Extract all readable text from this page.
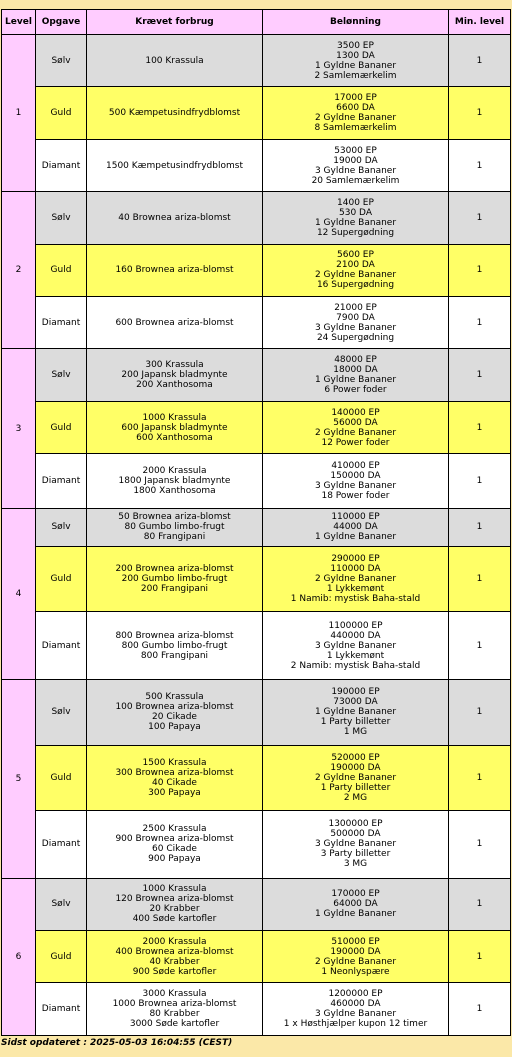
Level	Opgave	Krævet forbrug	Belønning	Min. level
1	Sølv	100 Krassula	3500 EP
1300 DA
1 Gyldne Bananer
2 Samlemærkelim	1
	Guld	500 Kæmpetusindfrydblomst	17000 EP
6600 DA
2 Gyldne Bananer
8 Samlemærkelim	1
	Diamant	1500 Kæmpetusindfrydblomst	53000 EP
19000 DA
3 Gyldne Bananer
20 Samlemærkelim	1
2	Sølv	40 Brownea ariza-blomst	1400 EP
530 DA
1 Gyldne Bananer
12 Supergødning	1
	Guld	160 Brownea ariza-blomst	5600 EP
2100 DA
2 Gyldne Bananer
16 Supergødning	1
	Diamant	600 Brownea ariza-blomst	21000 EP
7900 DA
3 Gyldne Bananer
24 Supergødning	1
3	Sølv	300 Krassula
200 Japansk bladmynte
200 Xanthosoma	48000 EP
18000 DA
1 Gyldne Bananer
6 Power foder	1
	Guld	1000 Krassula
600 Japansk bladmynte
600 Xanthosoma	140000 EP
56000 DA
2 Gyldne Bananer
12 Power foder	1
	Diamant	2000 Krassula
1800 Japansk bladmynte
1800 Xanthosoma	410000 EP
150000 DA
3 Gyldne Bananer
18 Power foder	1
4	Sølv	50 Brownea ariza-blomst
80 Gumbo limbo-frugt
80 Frangipani	110000 EP
44000 DA
1 Gyldne Bananer	1
	Guld	200 Brownea ariza-blomst
200 Gumbo limbo-frugt
200 Frangipani	290000 EP
110000 DA
2 Gyldne Bananer
1 Lykkemønt
1 Namib: mystisk Baha-stald	1
	Diamant	800 Brownea ariza-blomst
800 Gumbo limbo-frugt
800 Frangipani	1100000 EP
440000 DA
3 Gyldne Bananer
1 Lykkemønt
2 Namib: mystisk Baha-stald	1
5	Sølv	500 Krassula
100 Brownea ariza-blomst
20 Cikade
100 Papaya	190000 EP
73000 DA
1 Gyldne Bananer
1 Party billetter
1 MG	1
	Guld	1500 Krassula
300 Brownea ariza-blomst
40 Cikade
300 Papaya	520000 EP
190000 DA
2 Gyldne Bananer
1 Party billetter
2 MG	1
	Diamant	2500 Krassula
900 Brownea ariza-blomst
60 Cikade
900 Papaya	1300000 EP
500000 DA
3 Gyldne Bananer
3 Party billetter
3 MG	1
6	Sølv	1000 Krassula
120 Brownea ariza-blomst
20 Krabber
400 Søde kartofler	170000 EP
64000 DA
1 Gyldne Bananer	1
	Guld	2000 Krassula
400 Brownea ariza-blomst
40 Krabber
900 Søde kartofler	510000 EP
190000 DA
2 Gyldne Bananer
1 Neonlyspære	1
	Diamant	3000 Krassula
1000 Brownea ariza-blomst
80 Krabber
3000 Søde kartofler	1200000 EP
460000 DA
3 Gyldne Bananer
1 x Høsthjælper kupon 12 timer	1
Sidst opdateret : 2025-05-03 16:04:55 (CEST)
